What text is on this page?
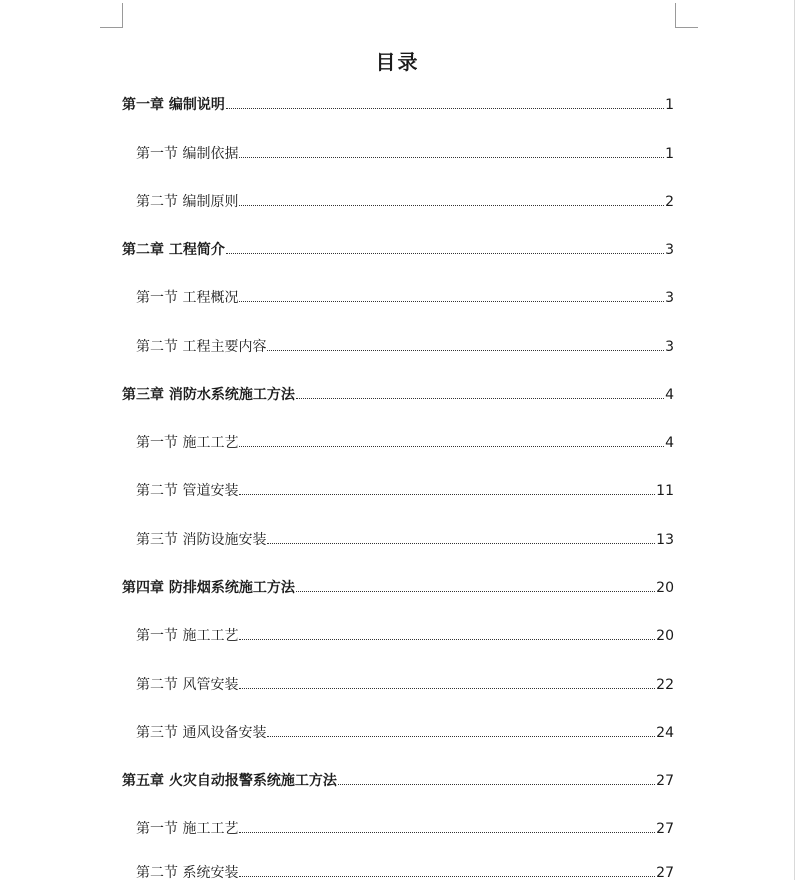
目录
第一章 编制说明	1
第一节 编制依据	1
第二节 编制原则	2
第二章 工程简介	3
第一节 工程概况	3
第二节 工程主要内容	3
第三章 消防水系统施工方法	4
第一节 施工工艺	4
第二节 管道安装	11
第三节 消防设施安装	13
第四章 防排烟系统施工方法	20
第一节 施工工艺	20
第二节 风管安装	22
第三节 通风设备安装	24
第五章 火灾自动报警系统施工方法	27
第一节 施工工艺	27
第二节 系统安装	27
